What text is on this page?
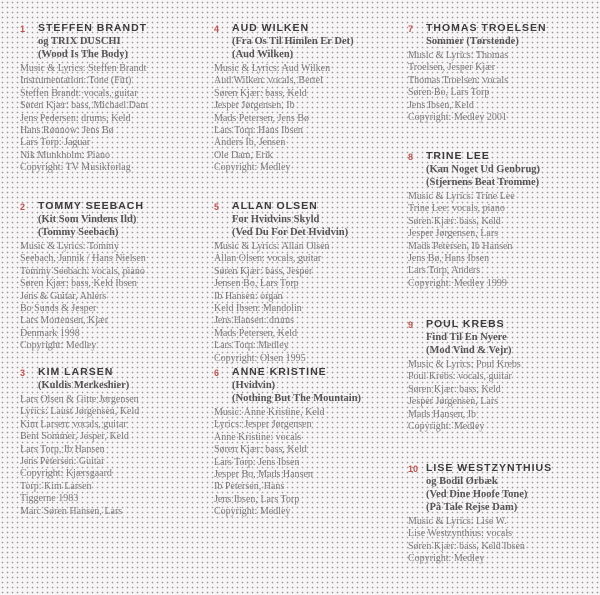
1 STEFFEN BRANDT
og TRIX DUSCHI
(Wood Is The Body)
Music & Lyrics: Steffen Brandt
Instrumentation: Tone (Fitt)
Steffen Brandt: vocals, guitar
Søren Kjær: bass, Michael Dam
Jens Pedersen: drums, Keld
Hans Rønnow: Jens Bø
Lars Torp: Jaguar
Nik Munkholm: Piano
Copyright: TV Musikforlag
2 TOMMY SEEBACH
(Kit Som Vindens Ild)
(Tommy Seebach)
Music & Lyrics: Tommy
Seebach, Jannik / Hans Nielsen
Tommy Seebach: vocals, piano
Søren Kjær: bass, Keld Ibsen
Jens & Guitar, Ahlers
Bo Sunds & Jesper
Lars Mortensen, Kjær
Denmark 1998
Copyright: Medley
3 KIM LARSEN
(Kuldis Merkeshier)
Lars Olsen & Gitte Jørgensen
Lyrics: Laust Jørgensen, Keld
Kim Larsen: vocals, guitar
Bent Sommer, Jesper, Keld
Lars Torp, Ib Hansen
Jens Petersen: Guitar
Copyright: Kjærsgaard
Torp: Kim Larsen
Tiggerne 1983
Marc Søren Hansen, Lars
4 AUD WILKEN
(Fra Os Til Himlen Er Det)
(Aud Wilken)
Music & Lyrics: Aud Wilken
Aud Wilken: vocals, Bertel
Søren Kjær: bass, Keld
Jesper Jørgensen, Ib
Mads Petersen, Jens Bø
Lars Torp: Hans Ibsen
Anders Ib, Jensen
Ole Dam, Erik
Copyright: Medley
5 ALLAN OLSEN
For Hvidvins Skyld
(Ved Du For Det Hvidvin)
Music & Lyrics: Allan Olsen
Allan Olsen: vocals, guitar
Søren Kjær: bass, Jesper
Jensen Bo, Lars Torp
Ib Hansen: organ
Keld Ibsen: Mandolin
Jens Hansen: drums
Mads Petersen, Keld
Lars Torp: Medley
Copyright: Olsen 1995
6 ANNE KRISTINE
(Hvidvin)
(Nothing But The Mountain)
Music: Anne Kristine, Keld
Lyrics: Jesper Jørgensen
Anne Kristine: vocals
Søren Kjær: bass, Keld
Lars Torp: Jens Ibsen
Jesper Bo, Mads Hansen
Ib Petersen, Hans
Jens Ibsen, Lars Torp
Copyright: Medley
7 THOMAS TROELSEN
Sommer (Tørstende)
Music & Lyrics: Thomas
Troelsen, Jesper Kjær
Thomas Troelsen: vocals
Søren Bo, Lars Torp
Jens Ibsen, Keld
Copyright: Medley 2001
8 TRINE LEE
(Kan Noget Ud Genbrug)
(Stjernens Beat Tromme)
Music & Lyrics: Trine Lee
Trine Lee: vocals, piano
Søren Kjær: bass, Keld
Jesper Jørgensen, Lars
Mads Petersen, Ib Hansen
Jens Bø, Hans Ibsen
Lars Torp, Anders
Copyright: Medley 1999
9 POUL KREBS
Find Til En Nyere
(Mod Vind & Vejr)
Music & Lyrics: Poul Krebs
Poul Krebs: vocals, guitar
Søren Kjær: bass, Keld
Jesper Jørgensen, Lars
Mads Hansen, Ib
Copyright: Medley
10 LISE WESTZYNTHIUS
og Bodil Ørbæk
(Ved Dine Hoofe Tone)
(På Tale Rejse Dam)
Music & Lyrics: Lise W.
Lise Westzynthius: vocals
Søren Kjær: bass, Keld Ibsen
Copyright: Medley
